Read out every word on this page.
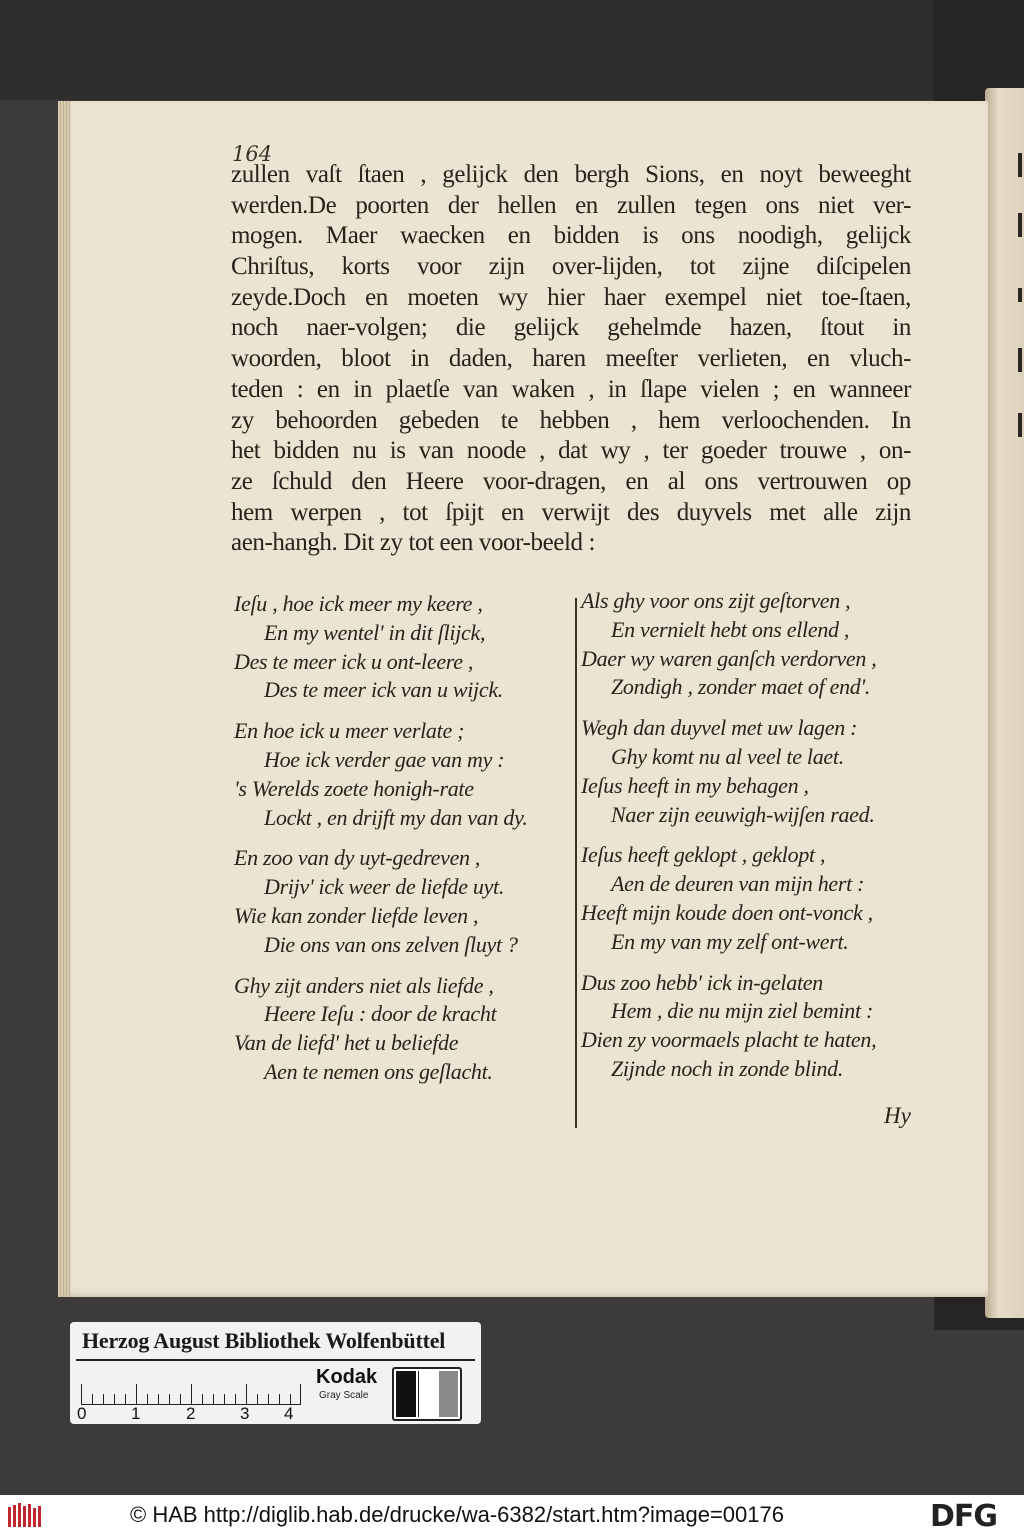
164
zullen vaſt ſtaen , gelijck den bergh Sions, en noyt beweeght
werden.De poorten der hellen en zullen tegen ons niet ver-
mogen. Maer waecken en bidden is ons noodigh, gelijck
Chriſtus, korts voor zijn over-lijden, tot zijne diſcipelen
zeyde.Doch en moeten wy hier haer exempel niet toe-ſtaen,
noch naer-volgen; die gelijck gehelmde hazen, ſtout in
woorden, bloot in daden, haren meeſter verlieten, en vluch-
teden : en in plaetſe van waken , in ſlape vielen ; en wanneer
zy behoorden gebeden te hebben , hem verloochenden. In
het bidden nu is van noode , dat wy , ter goeder trouwe , on-
ze ſchuld den Heere voor-dragen, en al ons vertrouwen op
hem werpen , tot ſpijt en verwijt des duyvels met alle zijn
aen-hangh. Dit zy tot een voor-beeld :
Ieſu , hoe ick meer my keere ,
En my wentel' in dit ſlijck,
Des te meer ick u ont-leere ,
Des te meer ick van u wijck.
En hoe ick u meer verlate ;
Hoe ick verder gae van my :
's Werelds zoete honigh-rate
Lockt , en drijft my dan van dy.
En zoo van dy uyt-gedreven ,
Drijv' ick weer de liefde uyt.
Wie kan zonder liefde leven ,
Die ons van ons zelven ſluyt ?
Ghy zijt anders niet als liefde ,
Heere Ieſu : door de kracht
Van de liefd' het u beliefde
Aen te nemen ons geſlacht.
Als ghy voor ons zijt geſtorven ,
En vernielt hebt ons ellend ,
Daer wy waren ganſch verdorven ,
Zondigh , zonder maet of end'.
Wegh dan duyvel met uw lagen :
Ghy komt nu al veel te laet.
Ieſus heeft in my behagen ,
Naer zijn eeuwigh-wijſen raed.
Ieſus heeft geklopt , geklopt ,
Aen de deuren van mijn hert :
Heeft mijn koude doen ont-vonck ,
En my van my zelf ont-wert.
Dus zoo hebb' ick in-gelaten
Hem , die nu mijn ziel bemint :
Dien zy voormaels placht te haten,
Zijnde noch in zonde blind.
Hy
Herzog August Bibliothek Wolfenbüttel
0	1	2	3 4
Kodak
Gray Scale
© HAB http://diglib.hab.de/drucke/wa-6382/start.htm?image=00176	DFG
